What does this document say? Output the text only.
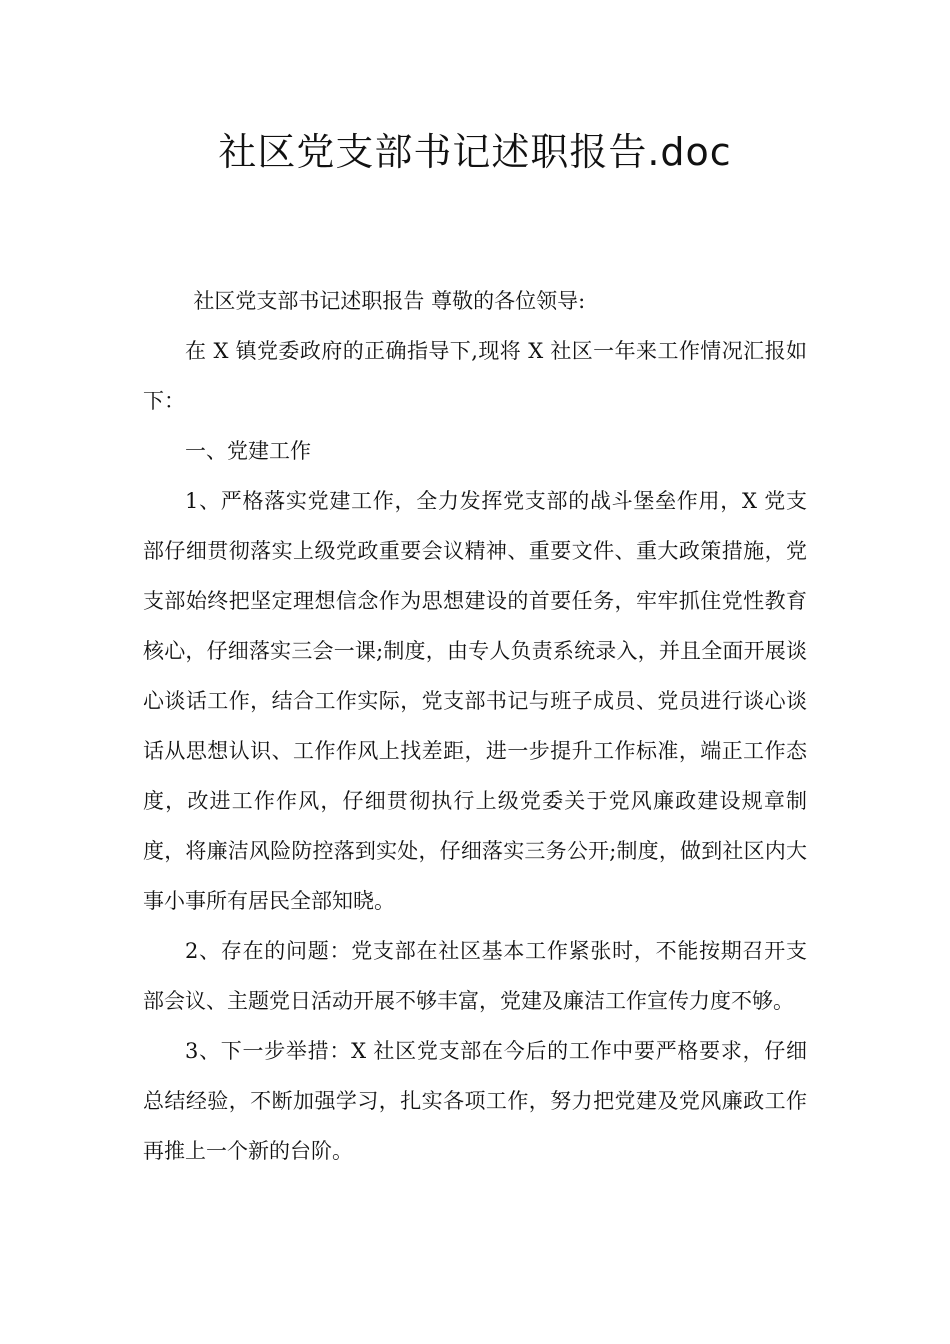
社区党支部书记述职报告.doc

社区党支部书记述职报告 尊敬的各位领导:

在 X 镇党委政府的正确指导下,现将 X 社区一年来工作情况汇报如下：

一、党建工作

1、严格落实党建工作，全力发挥党支部的战斗堡垒作用，X 党支部仔细贯彻落实上级党政重要会议精神、重要文件、重大政策措施，党支部始终把坚定理想信念作为思想建设的首要任务，牢牢抓住党性教育核心，仔细落实三会一课;制度，由专人负责系统录入，并且全面开展谈心谈话工作，结合工作实际，党支部书记与班子成员、党员进行谈心谈话从思想认识、工作作风上找差距，进一步提升工作标准，端正工作态度，改进工作作风，仔细贯彻执行上级党委关于党风廉政建设规章制度，将廉洁风险防控落到实处，仔细落实三务公开;制度，做到社区内大事小事所有居民全部知晓。

2、存在的问题：党支部在社区基本工作紧张时，不能按期召开支部会议、主题党日活动开展不够丰富，党建及廉洁工作宣传力度不够。

3、下一步举措：X 社区党支部在今后的工作中要严格要求，仔细总结经验，不断加强学习，扎实各项工作，努力把党建及党风廉政工作再推上一个新的台阶。
